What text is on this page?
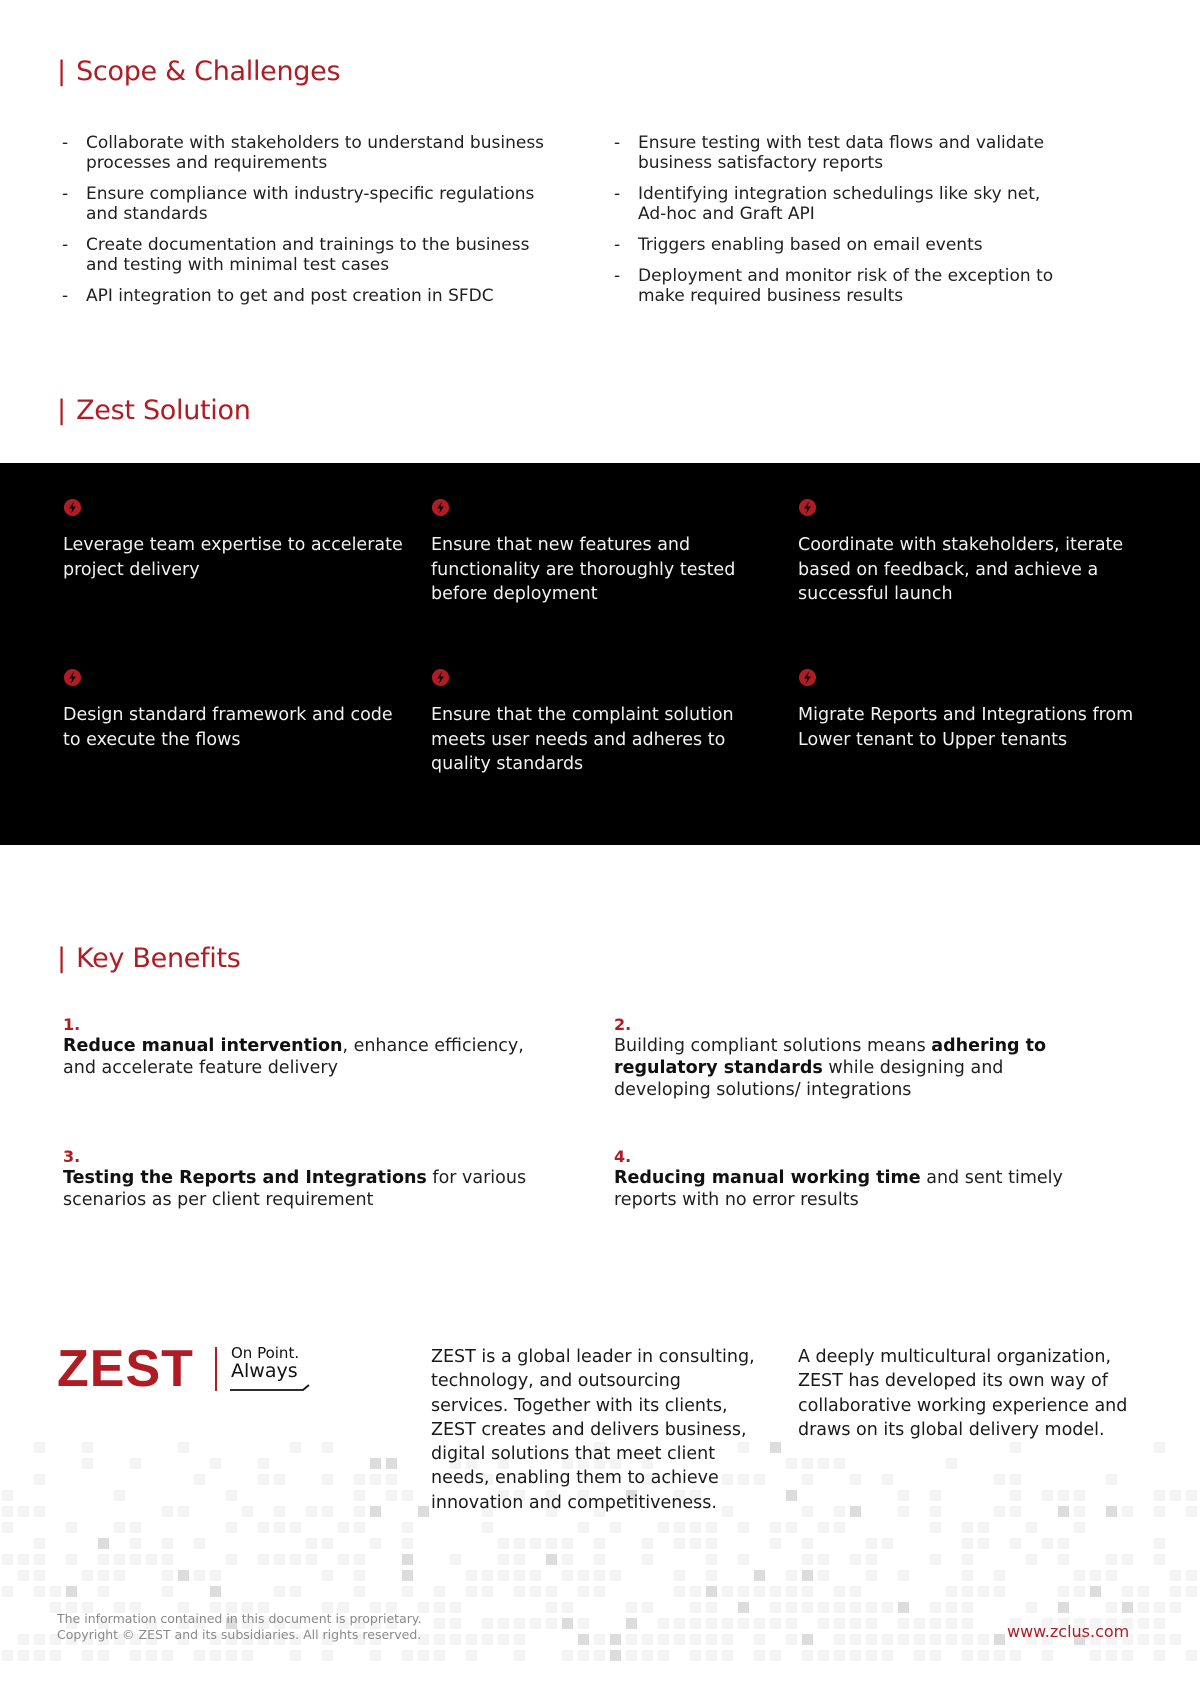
| Scope & Challenges
- Collaborate with stakeholders to understand business processes and requirements
- Ensure compliance with industry-specific regulations and standards
- Create documentation and trainings to the business and testing with minimal test cases
- API integration to get and post creation in SFDC
- Ensure testing with test data flows and validate business satisfactory reports
- Identifying integration schedulings like sky net, Ad-hoc and Graft API
- Triggers enabling based on email events
- Deployment and monitor risk of the exception to make required business results
| Zest Solution
Leverage team expertise to accelerate project delivery
Ensure that new features and functionality are thoroughly tested before deployment
Coordinate with stakeholders, iterate based on feedback, and achieve a successful launch
Design standard framework and code to execute the flows
Ensure that the complaint solution meets user needs and adheres to quality standards
Migrate Reports and Integrations from Lower tenant to Upper tenants
| Key Benefits
1.
Reduce manual intervention, enhance efficiency, and accelerate feature delivery
2.
Building compliant solutions means adhering to regulatory standards while designing and developing solutions/ integrations
3.
Testing the Reports and Integrations for various scenarios as per client requirement
4.
Reducing manual working time and sent timely reports with no error results
ZEST On Point.
Always
ZEST is a global leader in consulting, technology, and outsourcing services. Together with its clients, ZEST creates and delivers business, digital solutions that meet client needs, enabling them to achieve innovation and competitiveness.
A deeply multicultural organization, ZEST has developed its own way of collaborative working experience and draws on its global delivery model.
The information contained in this document is proprietary.
Copyright © ZEST and its subsidiaries. All rights reserved.	www.zclus.com
